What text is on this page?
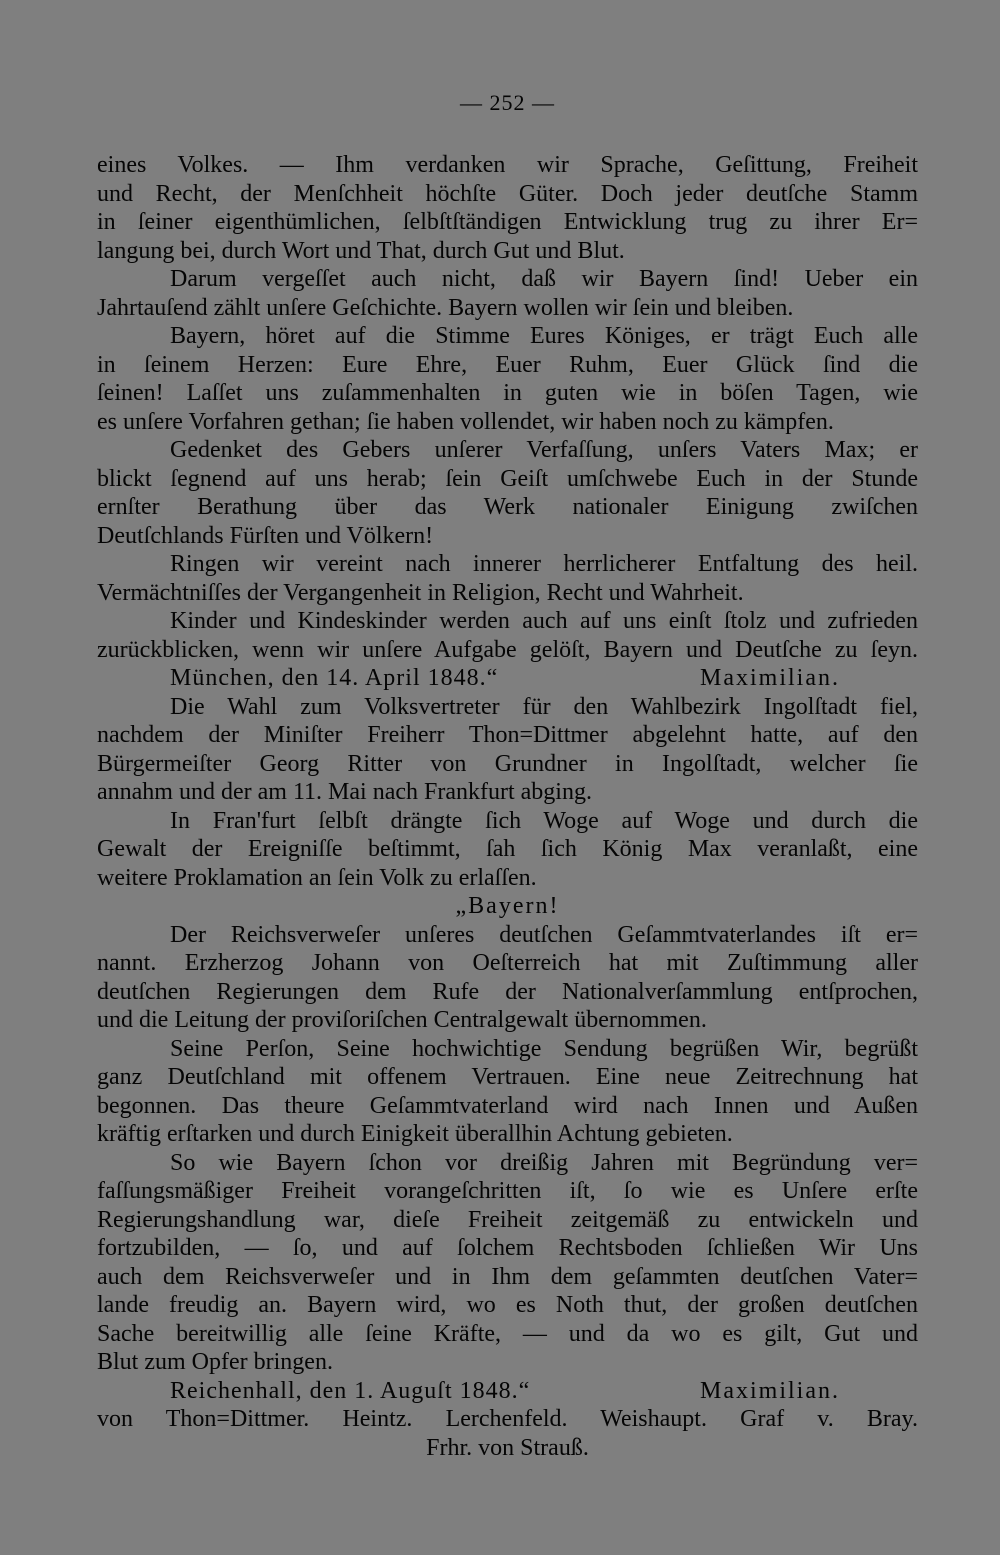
— 252 —
eines Volkes. — Ihm verdanken wir Sprache, Geſittung, Freiheit
und Recht, der Menſchheit höchſte Güter. Doch jeder deutſche Stamm
in ſeiner eigenthümlichen, ſelbſtſtändigen Entwicklung trug zu ihrer Er=
langung bei, durch Wort und That, durch Gut und Blut.
Darum vergeſſet auch nicht, daß wir Bayern ſind! Ueber ein
Jahrtauſend zählt unſere Geſchichte. Bayern wollen wir ſein und bleiben.
Bayern, höret auf die Stimme Eures Königes, er trägt Euch alle
in ſeinem Herzen: Eure Ehre, Euer Ruhm, Euer Glück ſind die
ſeinen! Laſſet uns zuſammenhalten in guten wie in böſen Tagen, wie
es unſere Vorfahren gethan; ſie haben vollendet, wir haben noch zu kämpfen.
Gedenket des Gebers unſerer Verfaſſung, unſers Vaters Max; er
blickt ſegnend auf uns herab; ſein Geiſt umſchwebe Euch in der Stunde
ernſter Berathung über das Werk nationaler Einigung zwiſchen
Deutſchlands Fürſten und Völkern!
Ringen wir vereint nach innerer herrlicherer Entfaltung des heil.
Vermächtniſſes der Vergangenheit in Religion, Recht und Wahrheit.
Kinder und Kindeskinder werden auch auf uns einſt ſtolz und zufrieden
zurückblicken, wenn wir unſere Aufgabe gelöſt, Bayern und Deutſche zu ſeyn.
München, den 14. April 1848.“	Maximilian.
Die Wahl zum Volksvertreter für den Wahlbezirk Ingolſtadt fiel,
nachdem der Miniſter Freiherr Thon=Dittmer abgelehnt hatte, auf den
Bürgermeiſter Georg Ritter von Grundner in Ingolſtadt, welcher ſie
annahm und der am 11. Mai nach Frankfurt abging.
In Fran'furt ſelbſt drängte ſich Woge auf Woge und durch die
Gewalt der Ereigniſſe beſtimmt, ſah ſich König Max veranlaßt, eine
weitere Proklamation an ſein Volk zu erlaſſen.
„Bayern!
Der Reichsverweſer unſeres deutſchen Geſammtvaterlandes iſt er=
nannt. Erzherzog Johann von Oeſterreich hat mit Zuſtimmung aller
deutſchen Regierungen dem Rufe der Nationalverſammlung entſprochen,
und die Leitung der proviſoriſchen Centralgewalt übernommen.
Seine Perſon, Seine hochwichtige Sendung begrüßen Wir, begrüßt
ganz Deutſchland mit offenem Vertrauen. Eine neue Zeitrechnung hat
begonnen. Das theure Geſammtvaterland wird nach Innen und Außen
kräftig erſtarken und durch Einigkeit überallhin Achtung gebieten.
So wie Bayern ſchon vor dreißig Jahren mit Begründung ver=
faſſungsmäßiger Freiheit vorangeſchritten iſt, ſo wie es Unſere erſte
Regierungshandlung war, dieſe Freiheit zeitgemäß zu entwickeln und
fortzubilden, — ſo, und auf ſolchem Rechtsboden ſchließen Wir Uns
auch dem Reichsverweſer und in Ihm dem geſammten deutſchen Vater=
lande freudig an. Bayern wird, wo es Noth thut, der großen deutſchen
Sache bereitwillig alle ſeine Kräfte, — und da wo es gilt, Gut und
Blut zum Opfer bringen.
Reichenhall, den 1. Auguſt 1848.“	Maximilian.
von Thon=Dittmer. Heintz. Lerchenfeld. Weishaupt. Graf v. Bray.
Frhr. von Strauß.
